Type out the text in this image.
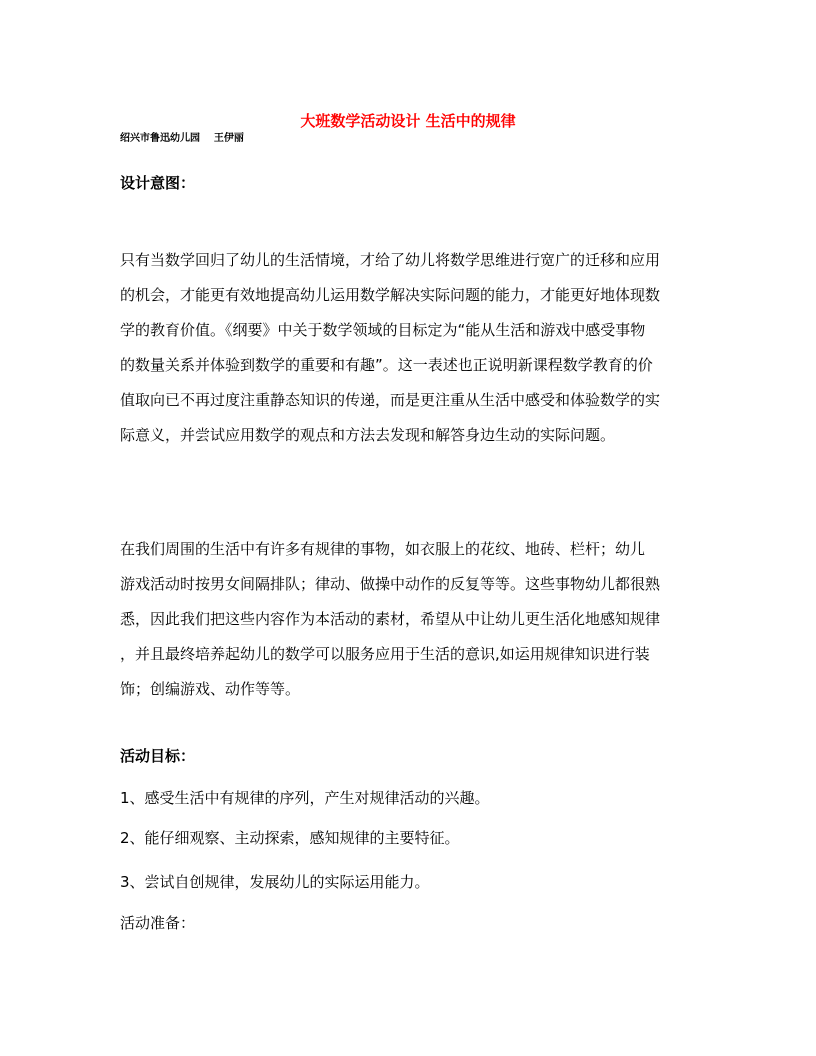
大班数学活动设计 生活中的规律

绍兴市鲁迅幼儿园    王伊丽

设计意图：
只有当数学回归了幼儿的生活情境，才给了幼儿将数学思维进行宽广的迁移和应用
的机会，才能更有效地提高幼儿运用数学解决实际问题的能力，才能更好地体现数
学的教育价值。《纲要》中关于数学领域的目标定为“能从生活和游戏中感受事物
的数量关系并体验到数学的重要和有趣”。这一表述也正说明新课程数学教育的价
值取向已不再过度注重静态知识的传递，而是更注重从生活中感受和体验数学的实
际意义，并尝试应用数学的观点和方法去发现和解答身边生动的实际问题。
在我们周围的生活中有许多有规律的事物，如衣服上的花纹、地砖、栏杆；幼儿
游戏活动时按男女间隔排队；律动、做操中动作的反复等等。这些事物幼儿都很熟
悉，因此我们把这些内容作为本活动的素材，希望从中让幼儿更生活化地感知规律
，并且最终培养起幼儿的数学可以服务应用于生活的意识,如运用规律知识进行装
饰；创编游戏、动作等等。
活动目标：

1、感受生活中有规律的序列，产生对规律活动的兴趣。

2、能仔细观察、主动探索，感知规律的主要特征。

3、尝试自创规律，发展幼儿的实际运用能力。

活动准备：
